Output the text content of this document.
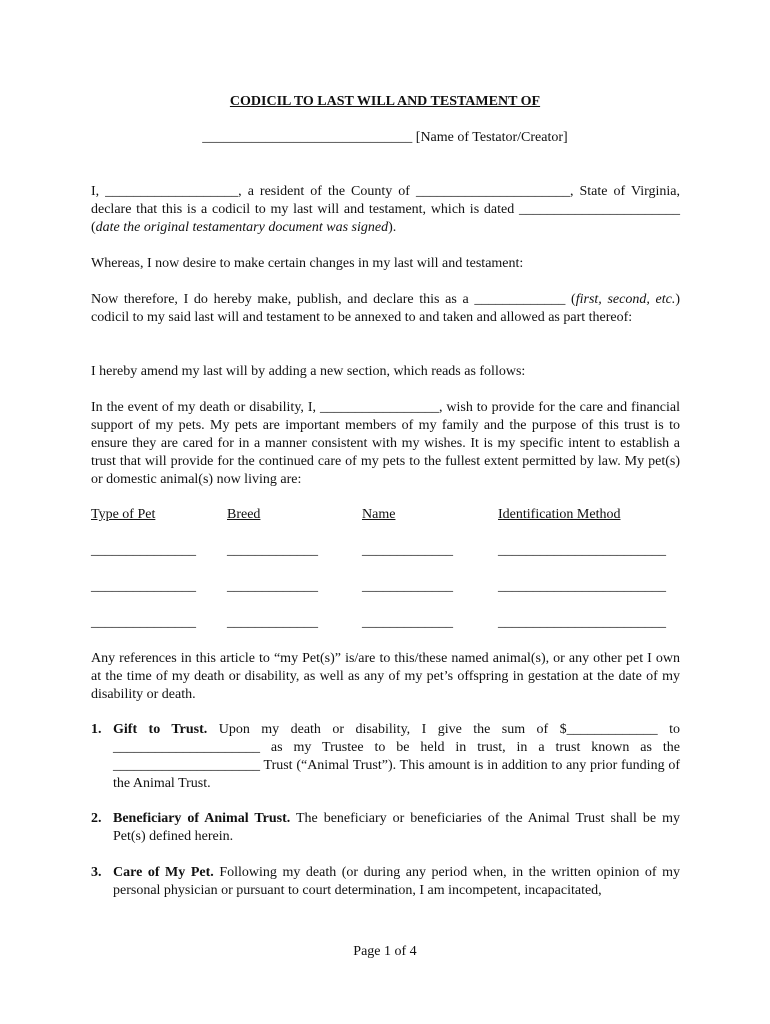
CODICIL TO LAST WILL AND TESTAMENT OF
______________________________ [Name of Testator/Creator]
I, ___________________, a resident of the County of ______________________, State of Virginia, declare that this is a codicil to my last will and testament, which is dated _______________________ (date the original testamentary document was signed).
Whereas, I now desire to make certain changes in my last will and testament:
Now therefore, I do hereby make, publish, and declare this as a _____________ (first, second, etc.) codicil to my said last will and testament to be annexed to and taken and allowed as part thereof:
I hereby amend my last will by adding a new section, which reads as follows:
In the event of my death or disability, I, _________________, wish to provide for the care and financial support of my pets. My pets are important members of my family and the purpose of this trust is to ensure they are cared for in a manner consistent with my wishes. It is my specific intent to establish a trust that will provide for the continued care of my pets to the fullest extent permitted by law. My pet(s) or domestic animal(s) now living are:
Type of Pet	Breed	Name	Identification Method
_______________ _____________	_____________	________________________
_______________ _____________	_____________	________________________
_______________ _____________	_____________	________________________
Any references in this article to “my Pet(s)” is/are to this/these named animal(s), or any other pet I own at the time of my death or disability, as well as any of my pet’s offspring in gestation at the date of my disability or death.
1. Gift to Trust. Upon my death or disability, I give the sum of $_____________ to _____________________ as my Trustee to be held in trust, in a trust known as the _____________________ Trust (“Animal Trust”). This amount is in addition to any prior funding of the Animal Trust.
2. Beneficiary of Animal Trust. The beneficiary or beneficiaries of the Animal Trust shall be my Pet(s) defined herein.
3. Care of My Pet. Following my death (or during any period when, in the written opinion of my personal physician or pursuant to court determination, I am incompetent, incapacitated,
Page 1 of 4
